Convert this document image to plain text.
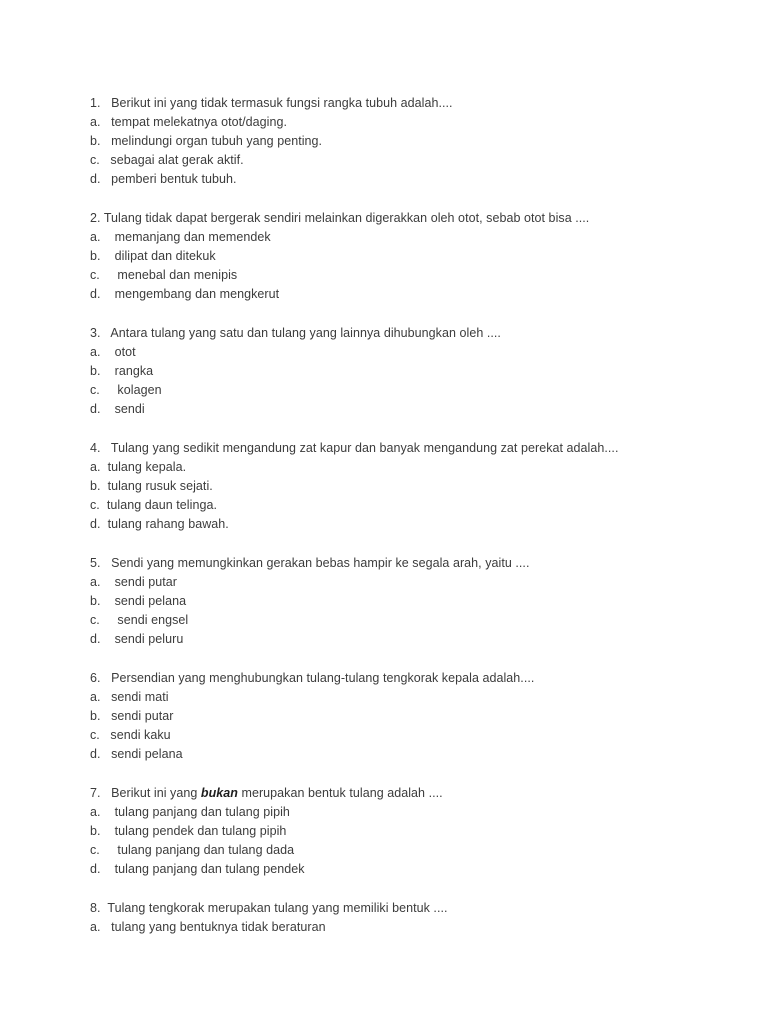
1.   Berikut ini yang tidak termasuk fungsi rangka tubuh adalah....
a.   tempat melekatnya otot/daging.
b.   melindungi organ tubuh yang penting.
c.   sebagai alat gerak aktif.
d.   pemberi bentuk tubuh.
2. Tulang tidak dapat bergerak sendiri melainkan digerakkan oleh otot, sebab otot bisa ....
a.    memanjang dan memendek
b.    dilipat dan ditekuk
c.     menebal dan menipis
d.    mengembang dan mengkerut
3.   Antara tulang yang satu dan tulang yang lainnya dihubungkan oleh ....
a.    otot
b.    rangka
c.     kolagen
d.    sendi
4.   Tulang yang sedikit mengandung zat kapur dan banyak mengandung zat perekat adalah....
a.  tulang kepala.
b.  tulang rusuk sejati.
c.  tulang daun telinga.
d.  tulang rahang bawah.
5.   Sendi yang memungkinkan gerakan bebas hampir ke segala arah, yaitu ....
a.    sendi putar
b.    sendi pelana
c.     sendi engsel
d.    sendi peluru
6.   Persendian yang menghubungkan tulang-tulang tengkorak kepala adalah....
a.   sendi mati
b.   sendi putar
c.   sendi kaku
d.   sendi pelana
7.   Berikut ini yang bukan merupakan bentuk tulang adalah ....
a.    tulang panjang dan tulang pipih
b.    tulang pendek dan tulang pipih
c.     tulang panjang dan tulang dada
d.    tulang panjang dan tulang pendek
8.  Tulang tengkorak merupakan tulang yang memiliki bentuk ....
a.   tulang yang bentuknya tidak beraturan
